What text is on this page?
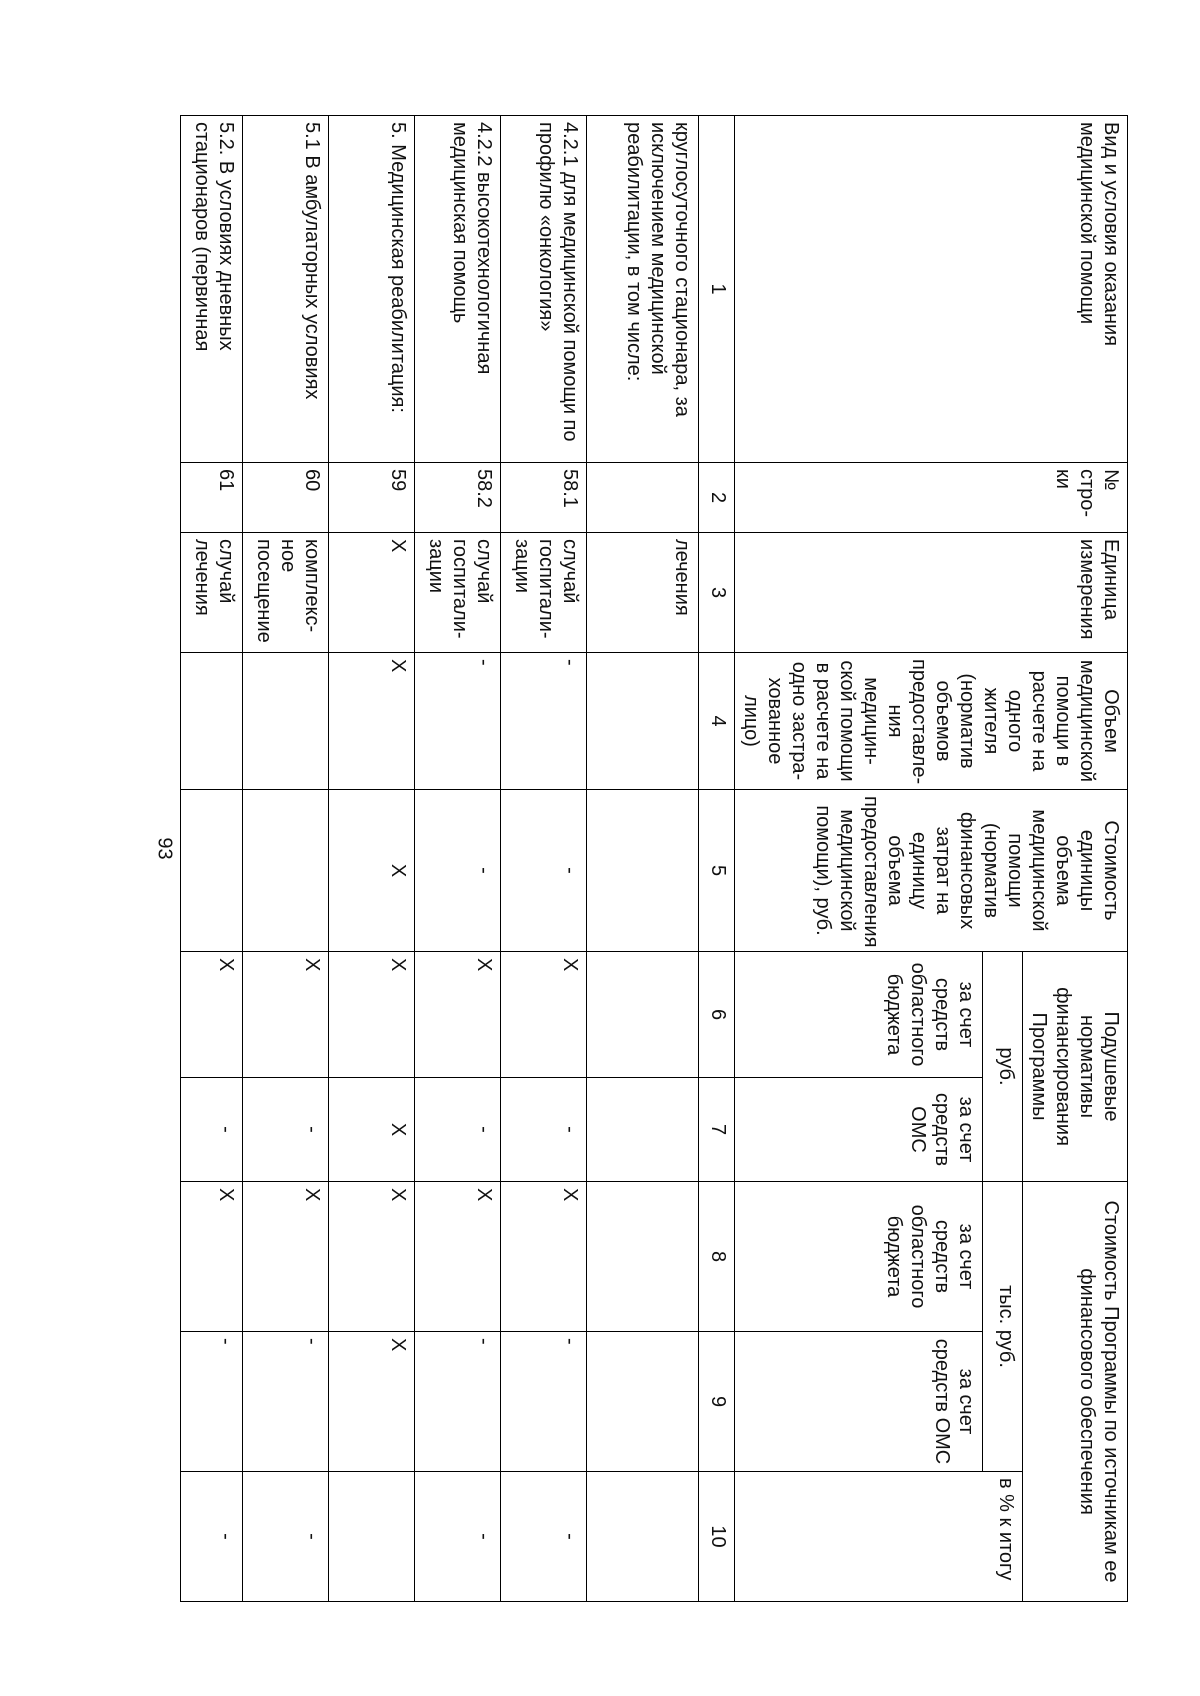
93
Вид и условия оказания медицинской помощи	№ стро-ки	Единица измерения	Объем медицинской помощи в расчете на одного жителя (норматив объемов предоставле-ния медицин-ской помощи в расчете на одно застра-хованное лицо)	Стоимость единицы объема медицинской помощи (норматив финансовых затрат на единицу объема предоставления медицинской помощи), руб.	Подушевые нормативы финансирования Программы		Стоимость Программы по источникам ее финансового обеспечения		
					руб.		тыс. руб.		в % к итогу
					за счет средств областного бюджета	за счет средств ОМС	за счет средств областного бюджета	за счет средств ОМС	
1	2	3	4	5	6	7	8	9	10
круглосуточного стационара, за исключением медицинской реабилитации, в том числе:		лечения							
4.2.1 для медицинской помощи по профилю «онкология»	58.1	случай госпитали-зации	-	-	X	-	X	-	-
4.2.2 высокотехнологичная медицинская помощь	58.2	случай госпитали-зации	-	-	X	-	X	-	-
5. Медицинская реабилитация:	59	X	X	X	X	X	X	X	
5.1 В амбулаторных условиях	60	комплекс-ное посещение			X	-	X	-	-
5.2. В условиях дневных стационаров (первичная	61	случай лечения			X	-	X	-	-
